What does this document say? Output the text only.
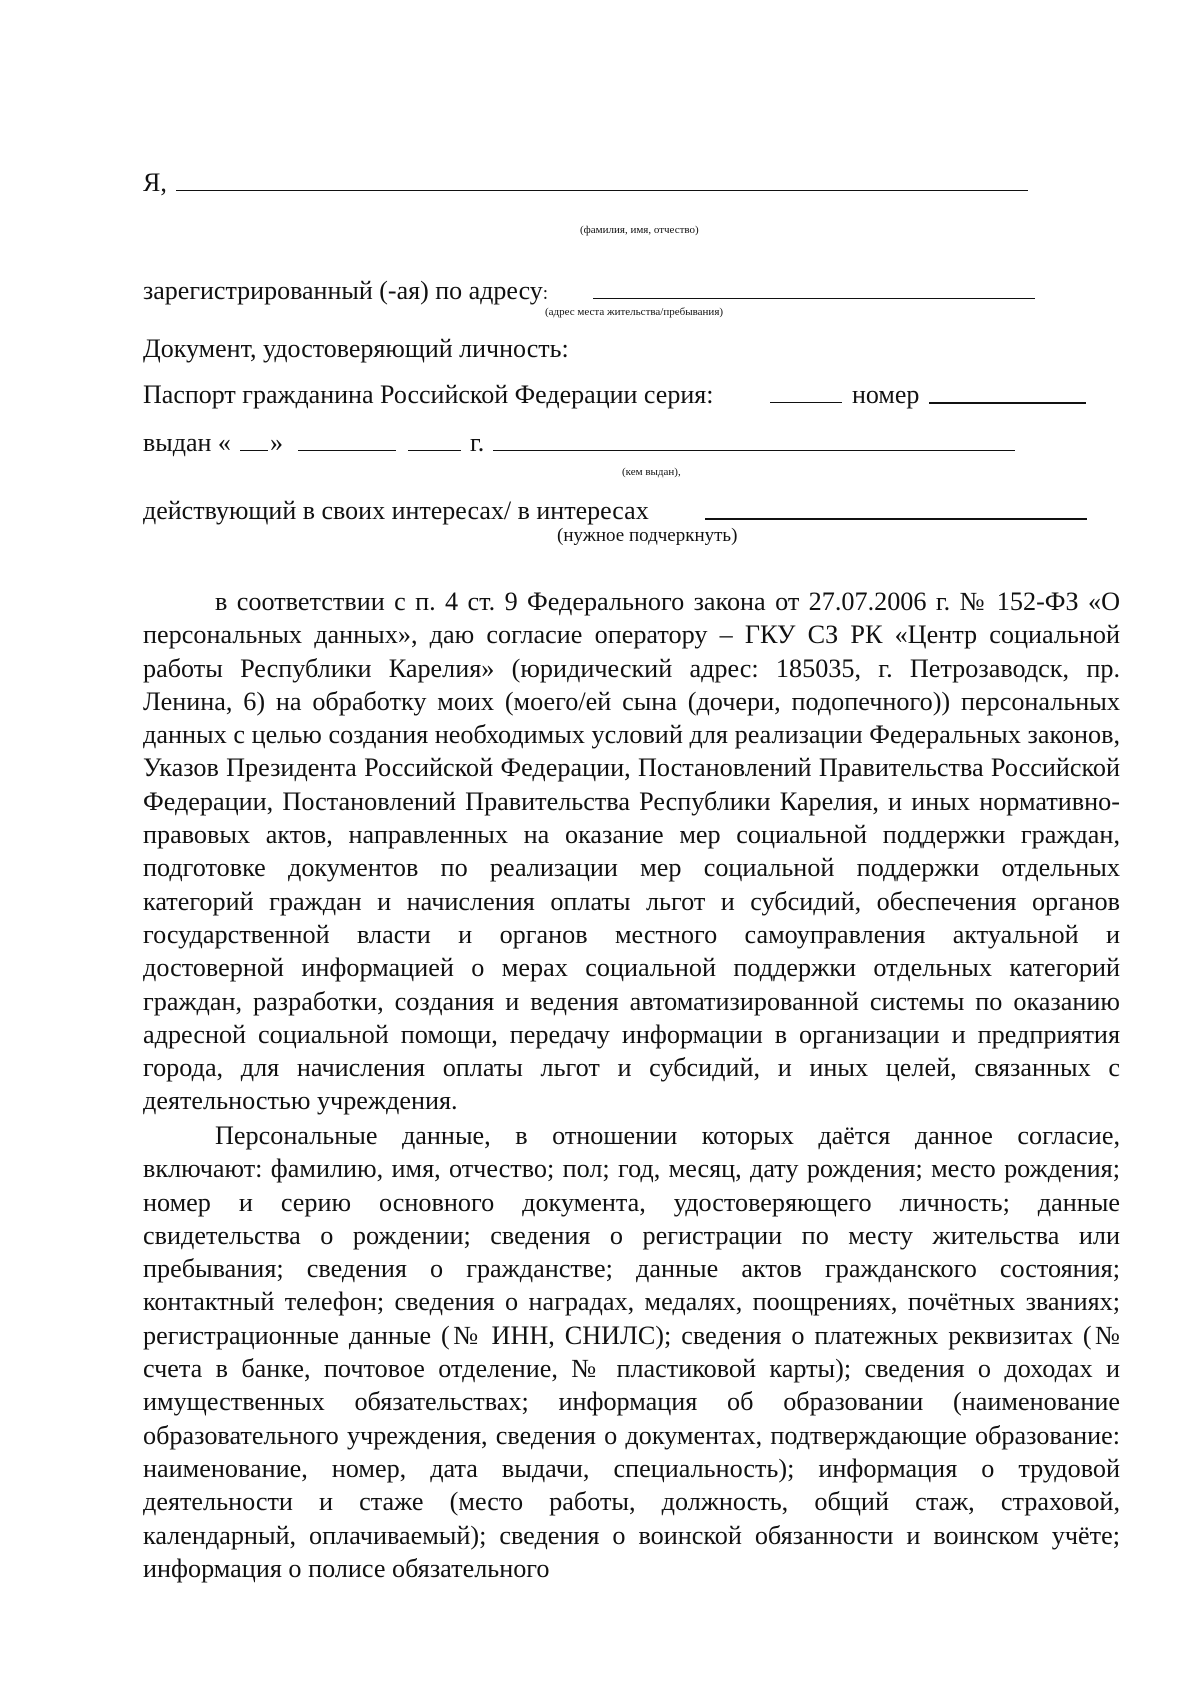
Я,
(фамилия, имя, отчество)
зарегистрированный (-ая) по адресу:
(адрес места жительства/пребывания)
Документ, удостоверяющий личность:
Паспорт гражданина Российской Федерации серия:	номер
выдан « »	г.
(кем выдан),
действующий в своих интересах/ в интересах
(нужное подчеркнуть)

в соответствии с п. 4 ст. 9 Федерального закона от 27.07.2006 г. № 152-ФЗ «О персональных данных», даю согласие оператору – ГКУ СЗ РК «Центр социальной работы Республики Карелия» (юридический адрес: 185035, г. Петрозаводск, пр. Ленина, 6) на обработку моих (моего/ей сына (дочери, подопечного)) персональных данных с целью создания необходимых условий для реализации Федеральных законов, Указов Президента Российской Федерации, Постановлений Правительства Российской Федерации, Постановлений Правительства Республики Карелия, и иных нормативно-правовых актов, направленных на оказание мер социальной поддержки граждан, подготовке документов по реализации мер социальной поддержки отдельных категорий граждан и начисления оплаты льгот и субсидий, обеспечения органов государственной власти и органов местного самоуправления актуальной и достоверной информацией о мерах социальной поддержки отдельных категорий граждан, разработки, создания и ведения автоматизированной системы по оказанию адресной социальной помощи, передачу информации в организации и предприятия города, для начисления оплаты льгот и субсидий, и иных целей, связанных с деятельностью учреждения.

Персональные данные, в отношении которых даётся данное согласие, включают: фамилию, имя, отчество; пол; год, месяц, дату рождения; место рождения; номер и серию основного документа, удостоверяющего личность; данные свидетельства о рождении; сведения о регистрации по месту жительства или пребывания; сведения о гражданстве; данные актов гражданского состояния; контактный телефон; сведения о наградах, медалях, поощрениях, почётных званиях; регистрационные данные (№ ИНН, СНИЛС); сведения о платежных реквизитах (№ счета в банке, почтовое отделение, № пластиковой карты); сведения о доходах и имущественных обязательствах; информация об образовании (наименование образовательного учреждения, сведения о документах, подтверждающие образование: наименование, номер, дата выдачи, специальность); информация о трудовой деятельности и стаже (место работы, должность, общий стаж, страховой, календарный, оплачиваемый); сведения о воинской обязанности и воинском учёте; информация о полисе обязательного
